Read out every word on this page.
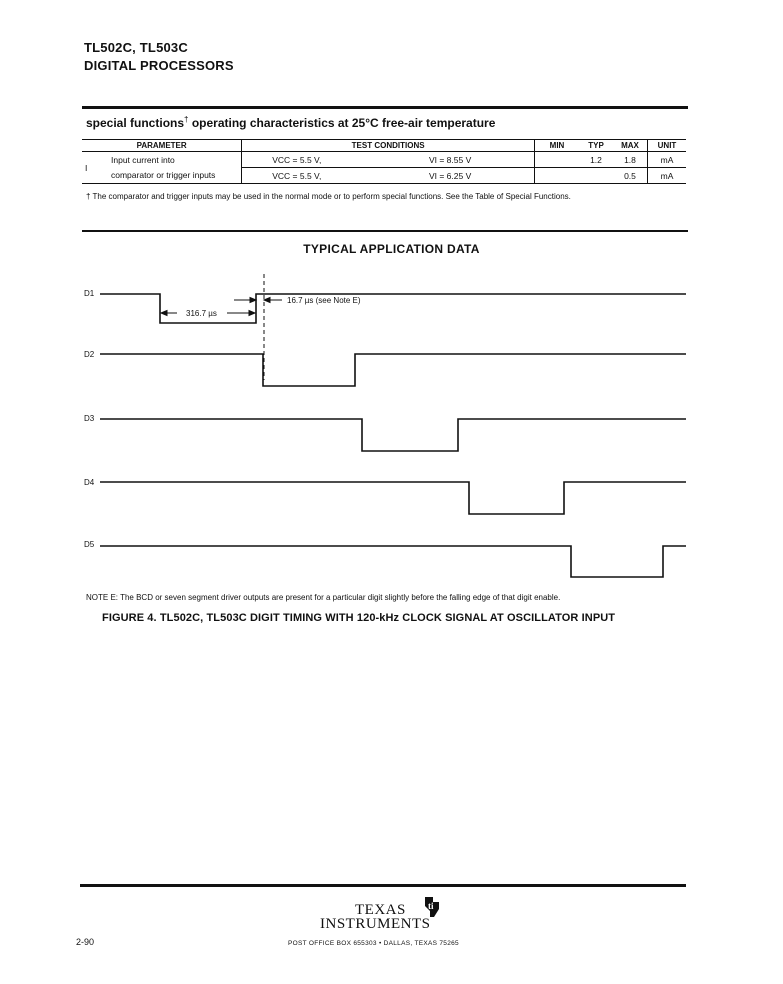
TL502C, TL503C
DIGITAL PROCESSORS
special functions† operating characteristics at 25°C free-air temperature
PARAMETER		TEST CONDITIONS		MIN	TYP	MAX	UNIT
I	Input current into	VCC = 5.5 V,	VI = 8.55 V		1.2	1.8	mA
	comparator or trigger inputs	VCC = 5.5 V,	VI = 6.25 V			0.5	mA
† The comparator and trigger inputs may be used in the normal mode or to perform special functions. See the Table of Special Functions.
TYPICAL APPLICATION DATA
316.7 µs
16.7 µs (see Note E)
D1
D2
D3
D4
D5
NOTE E: The BCD or seven segment driver outputs are present for a particular digit slightly before the falling edge of that digit enable.
FIGURE 4. TL502C, TL503C DIGIT TIMING WITH 120-kHz CLOCK SIGNAL AT OSCILLATOR INPUT
TEXAS
INSTRUMENTS
ti
POST OFFICE BOX 655303 • DALLAS, TEXAS 75265
2-90
